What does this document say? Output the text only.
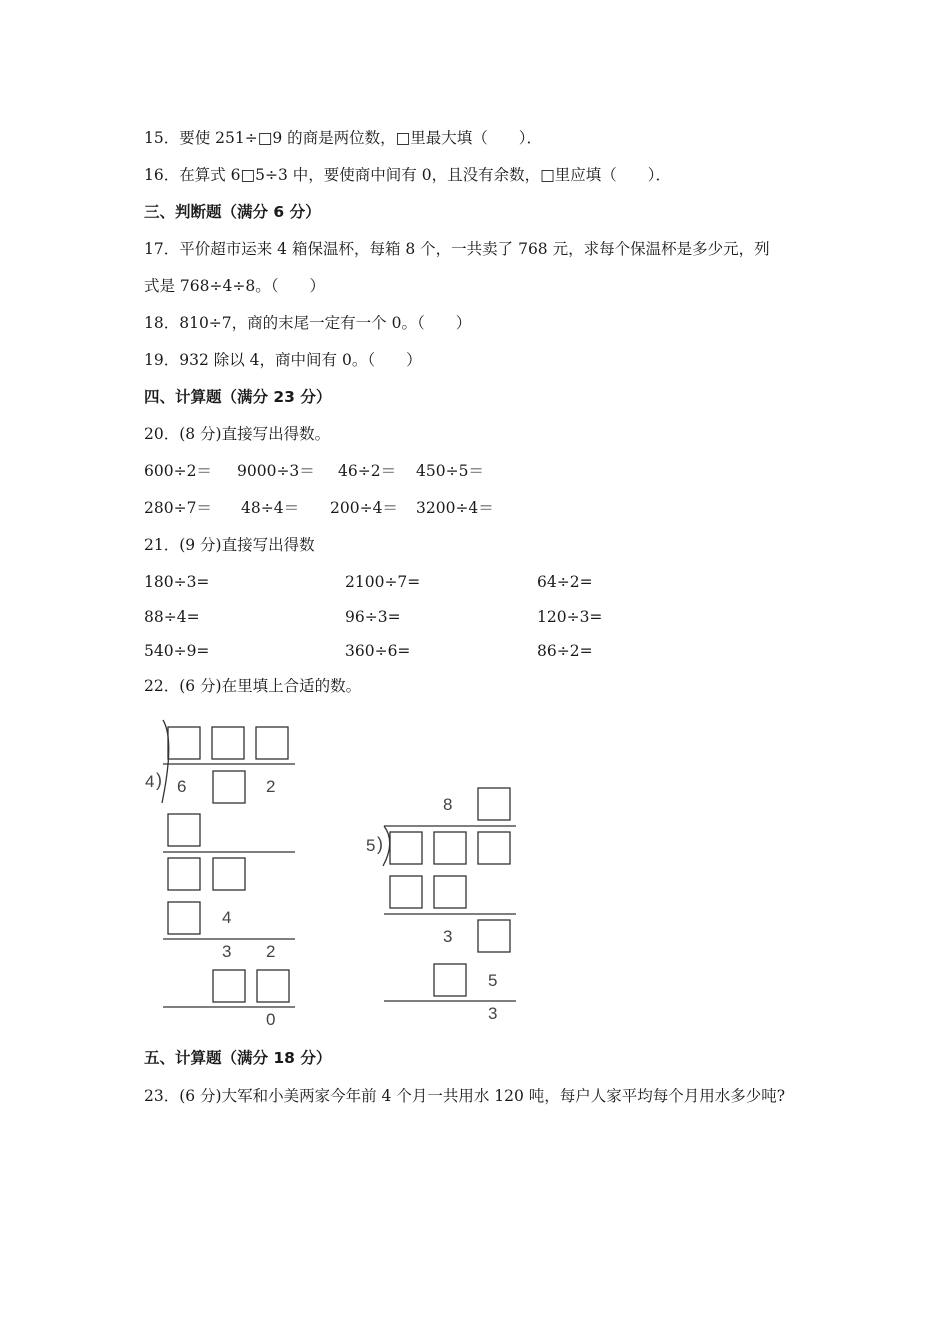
15．要使 251÷□9 的商是两位数，□里最大填（　　）．
16．在算式 6□5÷3 中，要使商中间有 0，且没有余数，□里应填（　　）．
三、判断题（满分 6 分）
17．平价超市运来 4 箱保温杯，每箱 8 个，一共卖了 768 元，求每个保温杯是多少元，列
式是 768÷4÷8。（　　）
18．810÷7，商的末尾一定有一个 0。（　　）
19．932 除以 4，商中间有 0。（　　）
四、计算题（满分 23 分）
20．(8 分)直接写出得数。
600÷2＝ 9000÷3＝ 46÷2＝ 450÷5＝
280÷7＝ 48÷4＝ 200÷4＝ 3200÷4＝
21．(9 分)直接写出得数
180÷3=	2100÷7=	64÷2=
88÷4=	96÷3=	120÷3=
540÷9=	360÷6=	86÷2=
22．(6 分)在里填上合适的数。
4 ) 6	2
4
3 2
0
8
5 )
3
5
3
五、计算题（满分 18 分）
23．(6 分)大军和小美两家今年前 4 个月一共用水 120 吨，每户人家平均每个月用水多少吨?
